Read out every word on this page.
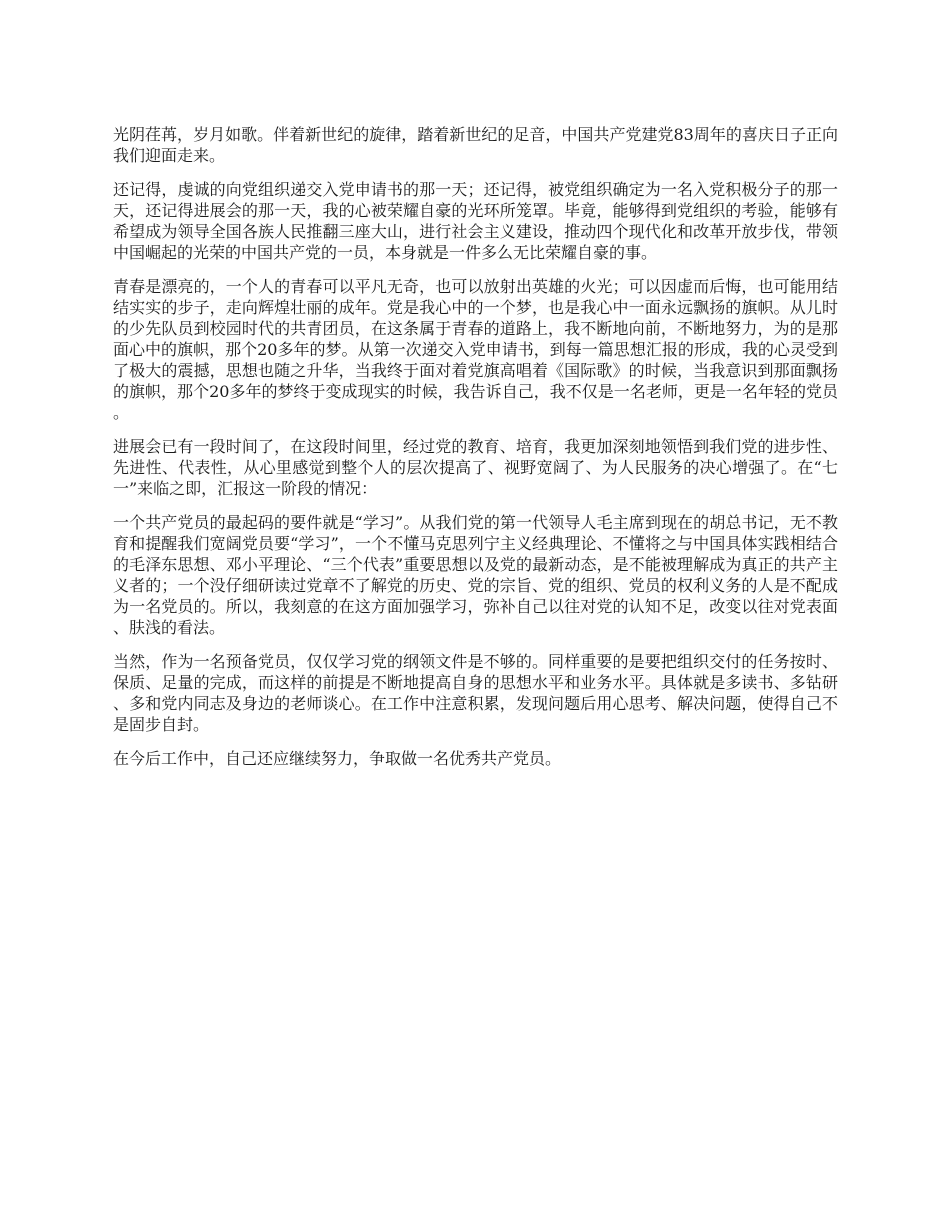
光阴荏苒，岁月如歌。伴着新世纪的旋律，踏着新世纪的足音，中国共产党建党83周年的喜庆日子正向我们迎面走来。

还记得，虔诚的向党组织递交入党申请书的那一天；还记得，被党组织确定为一名入党积极分子的那一天，还记得进展会的那一天，我的心被荣耀自豪的光环所笼罩。毕竟，能够得到党组织的考验，能够有希望成为领导全国各族人民推翻三座大山，进行社会主义建设，推动四个现代化和改革开放步伐，带领中国崛起的光荣的中国共产党的一员，本身就是一件多么无比荣耀自豪的事。

青春是漂亮的，一个人的青春可以平凡无奇，也可以放射出英雄的火光；可以因虚而后悔，也可能用结结实实的步子，走向辉煌壮丽的成年。党是我心中的一个梦，也是我心中一面永远飘扬的旗帜。从儿时的少先队员到校园时代的共青团员，在这条属于青春的道路上，我不断地向前，不断地努力，为的是那面心中的旗帜，那个20多年的梦。从第一次递交入党申请书，到每一篇思想汇报的形成，我的心灵受到了极大的震撼，思想也随之升华，当我终于面对着党旗高唱着《国际歌》的时候，当我意识到那面飘扬的旗帜，那个20多年的梦终于变成现实的时候，我告诉自己，我不仅是一名老师，更是一名年轻的党员。

进展会已有一段时间了，在这段时间里，经过党的教育、培育，我更加深刻地领悟到我们党的进步性、先进性、代表性，从心里感觉到整个人的层次提高了、视野宽阔了、为人民服务的决心增强了。在“七一”来临之即，汇报这一阶段的情况：

一个共产党员的最起码的要件就是“学习”。从我们党的第一代领导人毛主席到现在的胡总书记，无不教育和提醒我们宽阔党员要“学习”，一个不懂马克思列宁主义经典理论、不懂将之与中国具体实践相结合的毛泽东思想、邓小平理论、“三个代表”重要思想以及党的最新动态，是不能被理解成为真正的共产主义者的；一个没仔细研读过党章不了解党的历史、党的宗旨、党的组织、党员的权利义务的人是不配成为一名党员的。所以，我刻意的在这方面加强学习，弥补自己以往对党的认知不足，改变以往对党表面、肤浅的看法。

当然，作为一名预备党员，仅仅学习党的纲领文件是不够的。同样重要的是要把组织交付的任务按时、保质、足量的完成，而这样的前提是不断地提高自身的思想水平和业务水平。具体就是多读书、多钻研、多和党内同志及身边的老师谈心。在工作中注意积累，发现问题后用心思考、解决问题，使得自己不是固步自封。

在今后工作中，自己还应继续努力，争取做一名优秀共产党员。
